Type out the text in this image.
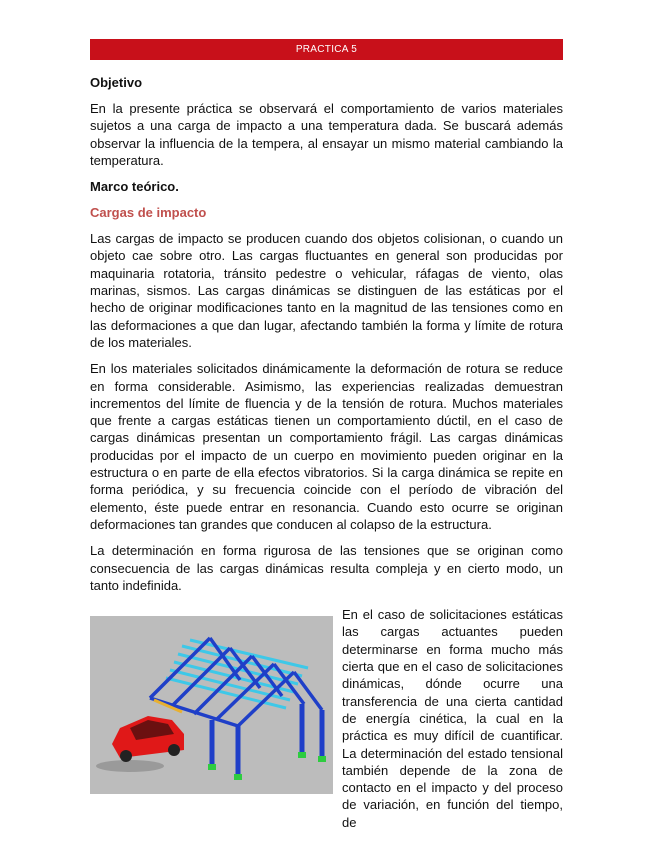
PRACTICA 5
Objetivo

En la presente práctica se observará el comportamiento de varios materiales sujetos a una carga de impacto a una temperatura dada. Se buscará además observar la influencia de la tempera, al ensayar un mismo material cambiando la temperatura.

Marco teórico.
Cargas de impacto

Las cargas de impacto se producen cuando dos objetos colisionan, o cuando un objeto cae sobre otro. Las cargas fluctuantes en general son producidas por maquinaria rotatoria, tránsito pedestre o vehicular, ráfagas de viento, olas marinas, sismos. Las cargas dinámicas se distinguen de las estáticas por el hecho de originar modificaciones tanto en la magnitud de las tensiones como en las deformaciones a que dan lugar, afectando también la forma y límite de rotura de los materiales.

En los materiales solicitados dinámicamente la deformación de rotura se reduce en forma considerable. Asimismo, las experiencias realizadas demuestran incrementos del límite de fluencia y de la tensión de rotura. Muchos materiales que frente a cargas estáticas tienen un comportamiento dúctil, en el caso de cargas dinámicas presentan un comportamiento frágil. Las cargas dinámicas producidas por el impacto de un cuerpo en movimiento pueden originar en la estructura o en parte de ella efectos vibratorios. Si la carga dinámica se repite en forma periódica, y su frecuencia coincide con el período de vibración del elemento, éste puede entrar en resonancia. Cuando esto ocurre se originan deformaciones tan grandes que conducen al colapso de la estructura.

La determinación en forma rigurosa de las tensiones que se originan como consecuencia de las cargas dinámicas resulta compleja y en cierto modo, un tanto indefinida.

En el caso de solicitaciones estáticas las cargas actuantes pueden determinarse en forma mucho más cierta que en el caso de solicitaciones dinámicas, dónde ocurre una transferencia de una cierta cantidad de energía cinética, la cual en la práctica es muy difícil de cuantificar. La determinación del estado tensional también depende de la zona de contacto en el impacto y del proceso de variación, en función del tiempo, de
